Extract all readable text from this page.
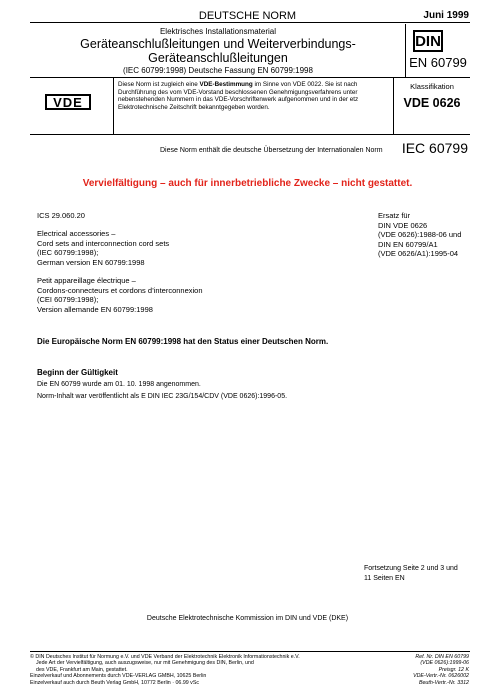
DEUTSCHE NORM	Juni 1999
Elektrisches Installationsmaterial
Geräteanschlußleitungen und Weiterverbindungs-
Geräteanschlußleitungen
(IEC 60799:1998) Deutsche Fassung EN 60799:1998
DIN
EN 60799
VDE
Diese Norm ist zugleich eine VDE-Bestimmung im Sinne von VDE 0022. Sie ist nach
Durchführung des vom VDE-Vorstand beschlossenen Genehmigungsverfahrens unter
nebenstehenden Nummern in das VDE-Vorschriftenwerk aufgenommen und in der etz
Elektrotechnische Zeitschrift bekanntgegeben worden.
Klassifikation
VDE 0626
Diese Norm enthält die deutsche Übersetzung der Internationalen Norm IEC 60799
Vervielfältigung – auch für innerbetriebliche Zwecke – nicht gestattet.
ICS 29.060.20
Electrical accessories –
Cord sets and interconnection cord sets
(IEC 60799:1998);
German version EN 60799:1998
Petit appareillage électrique –
Cordons-connecteurs et cordons d’interconnexion
(CEI 60799:1998);
Version allemande EN 60799:1998
Ersatz für
DIN VDE 0626
(VDE 0626):1988-06 und
DIN EN 60799/A1
(VDE 0626/A1):1995-04
Die Europäische Norm EN 60799:1998 hat den Status einer Deutschen Norm.
Beginn der Gültigkeit
Die EN 60799 wurde am 01. 10. 1998 angenommen.
Norm-Inhalt war veröffentlicht als E DIN IEC 23G/154/CDV (VDE 0626):1996-05.
Fortsetzung Seite 2 und 3 und
11 Seiten EN
Deutsche Elektrotechnische Kommission im DIN und VDE (DKE)
© DIN Deutsches Institut für Normung e.V. und VDE Verband der Elektrotechnik Elektronik Informationstechnik e.V.
Jede Art der Vervielfältigung, auch auszugsweise, nur mit Genehmigung des DIN, Berlin, und
des VDE, Frankfurt am Main, gestattet.
Einzelverkauf und Abonnements durch VDE-VERLAG GMBH, 10625 Berlin
Einzelverkauf auch durch Beuth Verlag GmbH, 10772 Berlin · 06.99 vSc
Ref. Nr. DIN EN 60799
(VDE 0626):1999-06
Preisgr. 12 K
VDE-Vertr.-Nr. 0626002
Beuth-Vertr.-Nr. 3312
